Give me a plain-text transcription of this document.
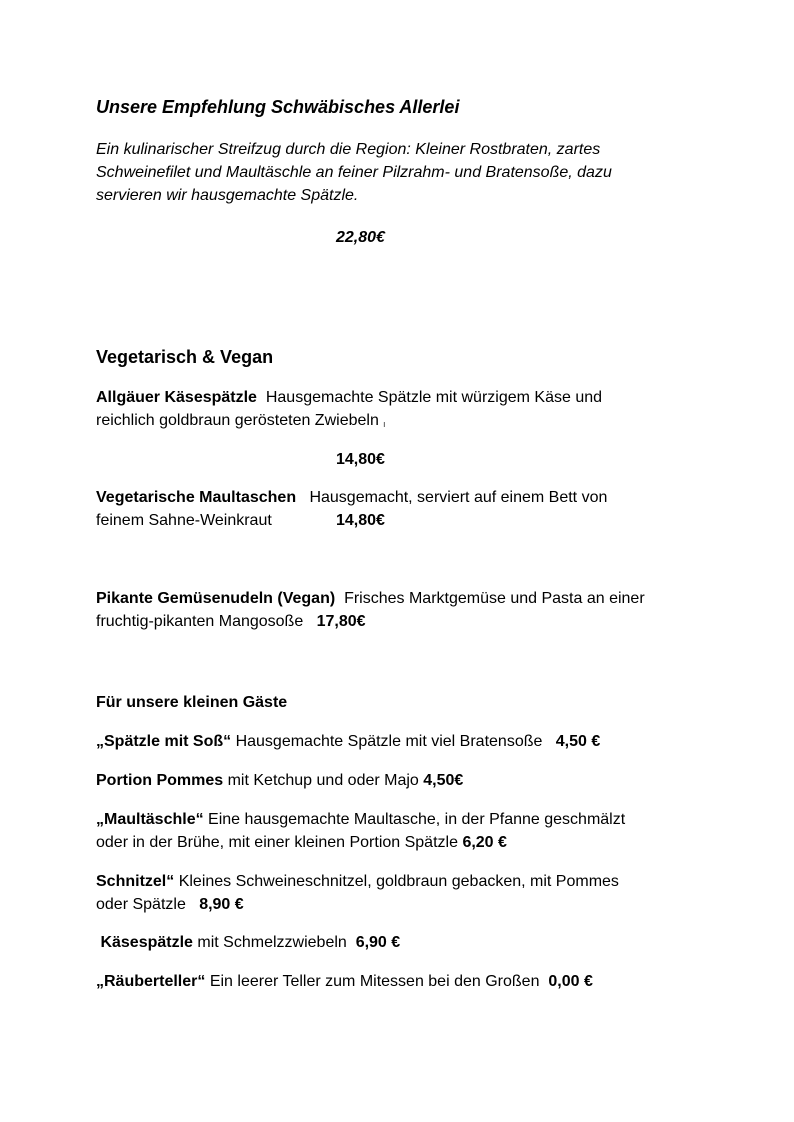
Unsere Empfehlung Schwäbisches Allerlei

Ein kulinarischer Streifzug durch die Region: Kleiner Rostbraten, zartes

Schweinefilet und Maultäschle an feiner Pilzrahm- und Bratensoße, dazu

servieren wir hausgemachte Spätzle.

22,80€
Vegetarisch & Vegan

Allgäuer Käsespätzle Hausgemachte Spätzle mit würzigem Käse und

reichlich goldbraun gerösteten Zwiebeln I

14,80€

Vegetarische Maultaschen Hausgemacht, serviert auf einem Bett von

feinem Sahne-Weinkraut	14,80€

Pikante Gemüsenudeln (Vegan) Frisches Marktgemüse und Pasta an einer

fruchtig-pikanten Mangosoße 17,80€

Für unsere kleinen Gäste

„Spätzle mit Soß“ Hausgemachte Spätzle mit viel Bratensoße 4,50 €

Portion Pommes mit Ketchup und oder Majo 4,50€

„Maultäschle“ Eine hausgemachte Maultasche, in der Pfanne geschmälzt

oder in der Brühe, mit einer kleinen Portion Spätzle 6,20 €

Schnitzel“ Kleines Schweineschnitzel, goldbraun gebacken, mit Pommes

oder Spätzle 8,90 €

Käsespätzle mit Schmelzzwiebeln 6,90 €

„Räuberteller“ Ein leerer Teller zum Mitessen bei den Großen 0,00 €
